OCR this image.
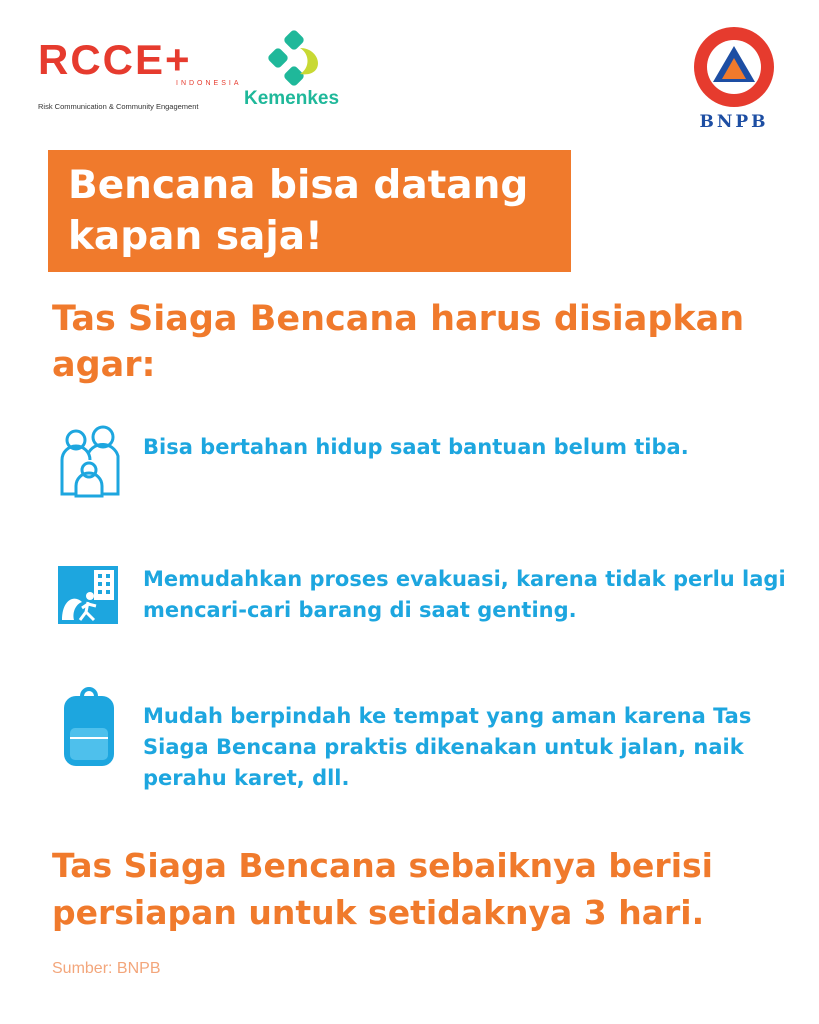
RCCE+
INDONESIA
Risk Communication & Community Engagement Kemenkes
BNPB
Bencana bisa datang kapan saja!
Tas Siaga Bencana harus disiapkan agar:

Bisa bertahan hidup saat bantuan belum tiba.

Memudahkan proses evakuasi, karena tidak perlu lagi mencari-cari barang di saat genting.

Mudah berpindah ke tempat yang aman karena Tas Siaga Bencana praktis dikenakan untuk jalan, naik perahu karet, dll.

Tas Siaga Bencana sebaiknya berisi persiapan untuk setidaknya 3 hari.

Sumber: BNPB
